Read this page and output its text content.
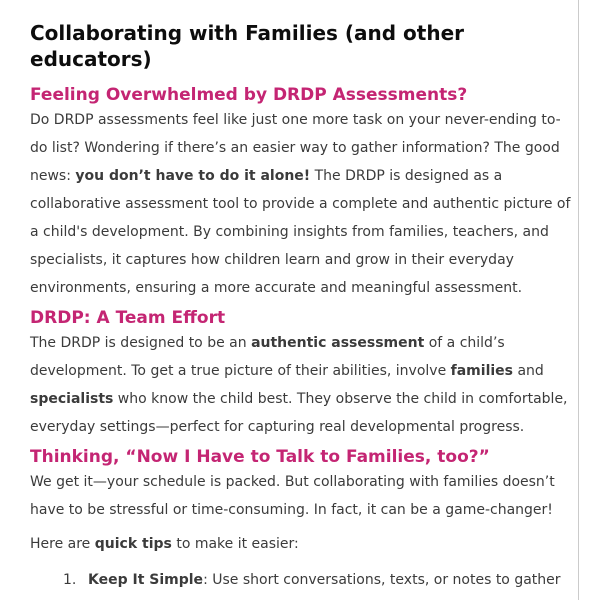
Collaborating with Families (and other educators)
Feeling Overwhelmed by DRDP Assessments?

Do DRDP assessments feel like just one more task on your never-ending to-do list? Wondering if there’s an easier way to gather information? The good news: you don’t have to do it alone! The DRDP is designed as a collaborative assessment tool to provide a complete and authentic picture of a child's development. By combining insights from families, teachers, and specialists, it captures how children learn and grow in their everyday environments, ensuring a more accurate and meaningful assessment.

DRDP: A Team Effort

The DRDP is designed to be an authentic assessment of a child’s development. To get a true picture of their abilities, involve families and specialists who know the child best. They observe the child in comfortable, everyday settings—perfect for capturing real developmental progress.

Thinking, “Now I Have to Talk to Families, too?”

We get it—your schedule is packed. But collaborating with families doesn’t have to be stressful or time-consuming. In fact, it can be a game-changer!

Here are quick tips to make it easier:

1. Keep It Simple: Use short conversations, texts, or notes to gather
